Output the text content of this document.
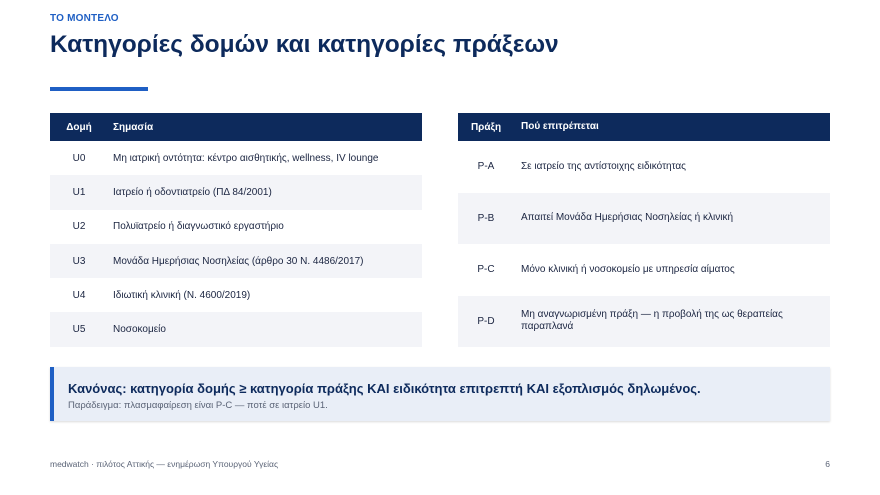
ΤΟ ΜΟΝΤΕΛΟ
Κατηγορίες δομών και κατηγορίες πράξεων
Δομή	Σημασία
U0	Μη ιατρική οντότητα: κέντρο αισθητικής, wellness, IV lounge
U1	Ιατρείο ή οδοντιατρείο (ΠΔ 84/2001)
U2	Πολυϊατρείο ή διαγνωστικό εργαστήριο
U3	Μονάδα Ημερήσιας Νοσηλείας (άρθρο 30 Ν. 4486/2017)
U4	Ιδιωτική κλινική (Ν. 4600/2019)
U5	Νοσοκομείο
Πράξη	Πού επιτρέπεται
P-A	Σε ιατρείο της αντίστοιχης ειδικότητας
P-B	Απαιτεί Μονάδα Ημερήσιας Νοσηλείας ή κλινική
P-C	Μόνο κλινική ή νοσοκομείο με υπηρεσία αίματος
P-D	Μη αναγνωρισμένη πράξη — η προβολή της ως θεραπείας παραπλανά
Κανόνας: κατηγορία δομής ≥ κατηγορία πράξης ΚΑΙ ειδικότητα επιτρεπτή ΚΑΙ εξοπλισμός δηλωμένος.
Παράδειγμα: πλασμαφαίρεση είναι P-C — ποτέ σε ιατρείο U1.
medwatch · πιλότος Αττικής — ενημέρωση Υπουργού Υγείας	6
